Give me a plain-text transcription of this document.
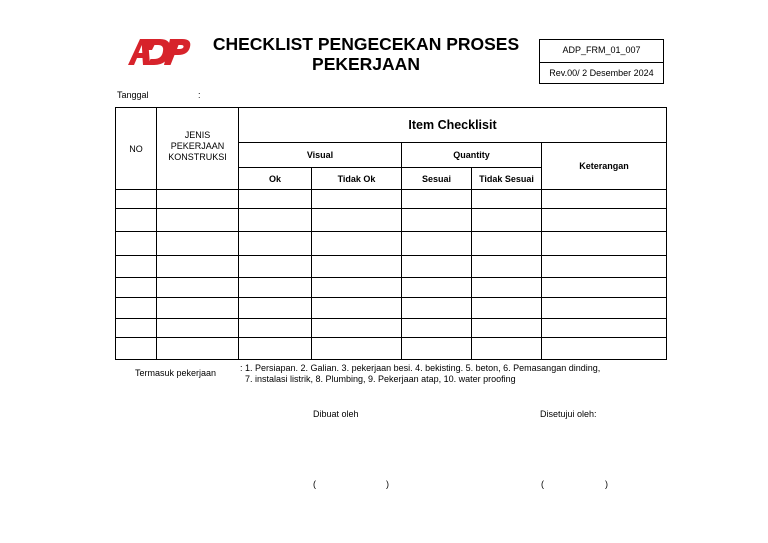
CHECKLIST PENGECEKAN PROSES
PEKERJAAN
ADP_FRM_01_007
Rev.00/ 2 Desember 2024
Tanggal	:
NO	JENIS
PEKERJAAN
KONSTRUKSI	Item Checklisit				
		Visual		Quantity		Keterangan
		Ok	Tidak Ok	Sesuai	Tidak Sesuai	

Termasuk pekerjaan	: 1. Persiapan. 2. Galian. 3. pekerjaan besi. 4. bekisting. 5. beton, 6. Pemasangan dinding,
7. instalasi listrik, 8. Plumbing, 9. Pekerjaan atap, 10. water proofing
Dibuat oleh	Disetujui oleh:
(	)	(	)
